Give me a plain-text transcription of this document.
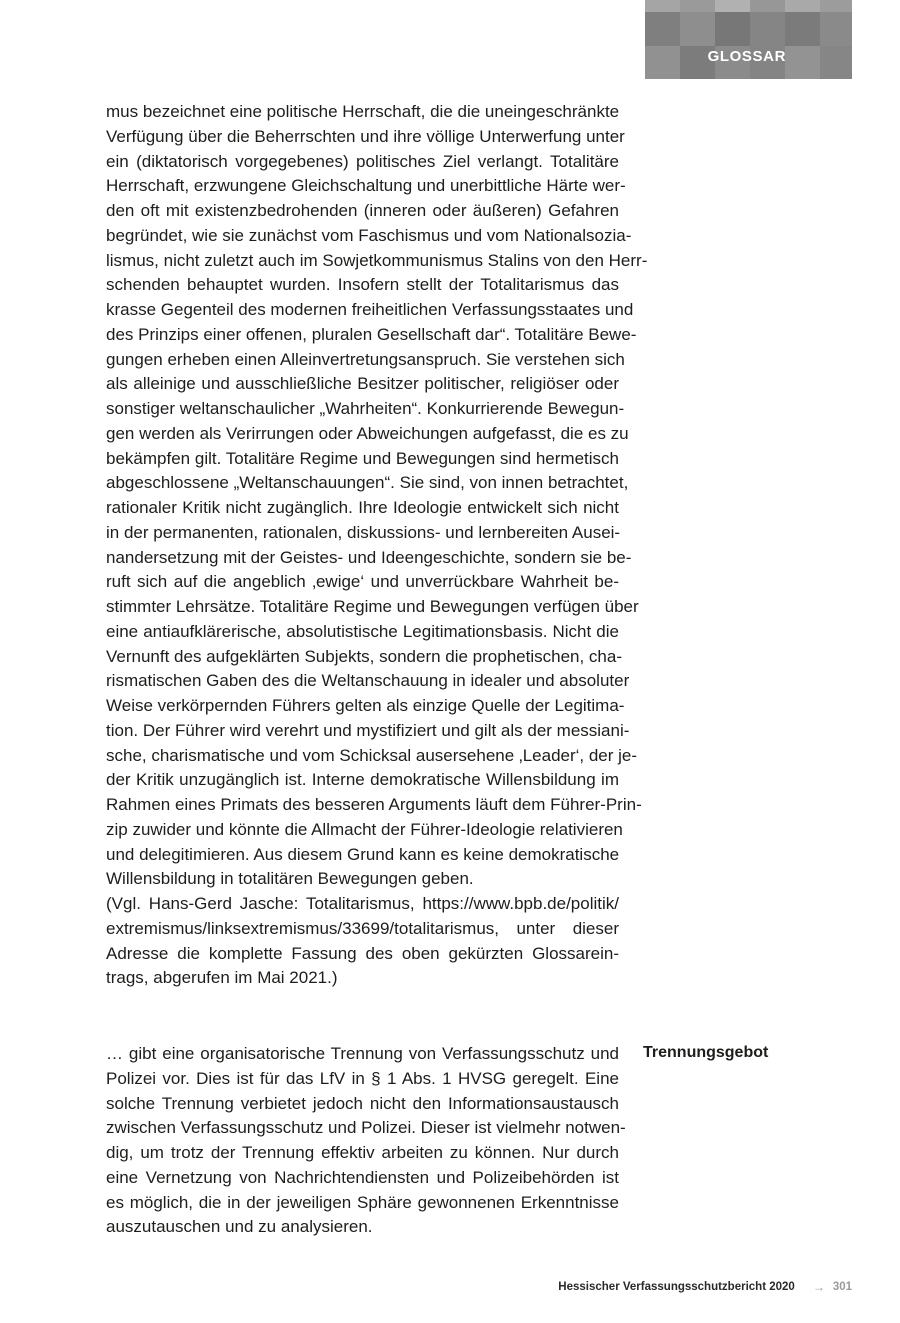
GLOSSAR
mus bezeichnet eine politische Herrschaft, die die uneingeschränkte
Verfügung über die Beherrschten und ihre völlige Unterwerfung unter
ein (diktatorisch vorgegebenes) politisches Ziel verlangt. Totalitäre
Herrschaft, erzwungene Gleichschaltung und unerbittliche Härte wer-
den oft mit existenzbedrohenden (inneren oder äußeren) Gefahren
begründet, wie sie zunächst vom Faschismus und vom Nationalsozia-
lismus, nicht zuletzt auch im Sowjetkommunismus Stalins von den Herr-
schenden behauptet wurden. Insofern stellt der Totalitarismus das
krasse Gegenteil des modernen freiheitlichen Verfassungsstaates und
des Prinzips einer offenen, pluralen Gesellschaft dar“. Totalitäre Bewe-
gungen erheben einen Alleinvertretungsanspruch. Sie verstehen sich
als alleinige und ausschließliche Besitzer politischer, religiöser oder
sonstiger weltanschaulicher „Wahrheiten“. Konkurrierende Bewegun-
gen werden als Verirrungen oder Abweichungen aufgefasst, die es zu
bekämpfen gilt. Totalitäre Regime und Bewegungen sind hermetisch
abgeschlossene „Weltanschauungen“. Sie sind, von innen betrachtet,
rationaler Kritik nicht zugänglich. Ihre Ideologie entwickelt sich nicht
in der permanenten, rationalen, diskussions- und lernbereiten Ausei-
nandersetzung mit der Geistes- und Ideengeschichte, sondern sie be-
ruft sich auf die angeblich ‚ewige‘ und unverrückbare Wahrheit be-
stimmter Lehrsätze. Totalitäre Regime und Bewegungen verfügen über
eine antiaufklärerische, absolutistische Legitimationsbasis. Nicht die
Vernunft des aufgeklärten Subjekts, sondern die prophetischen, cha-
rismatischen Gaben des die Weltanschauung in idealer und absoluter
Weise verkörpernden Führers gelten als einzige Quelle der Legitima-
tion. Der Führer wird verehrt und mystifiziert und gilt als der messiani-
sche, charismatische und vom Schicksal ausersehene ‚Leader‘, der je-
der Kritik unzugänglich ist. Interne demokratische Willensbildung im
Rahmen eines Primats des besseren Arguments läuft dem Führer-Prin-
zip zuwider und könnte die Allmacht der Führer-Ideologie relativieren
und delegitimieren. Aus diesem Grund kann es keine demokratische
Willensbildung in totalitären Bewegungen geben.
(Vgl. Hans-Gerd Jasche: Totalitarismus, https://www.bpb.de/politik/
extremismus/linksextremismus/33699/totalitarismus, unter dieser
Adresse die komplette Fassung des oben gekürzten Glossarein-
trags, abgerufen im Mai 2021.)
Trennungsgebot
… gibt eine organisatorische Trennung von Verfassungsschutz und
Polizei vor. Dies ist für das LfV in § 1 Abs. 1 HVSG geregelt. Eine
solche Trennung verbietet jedoch nicht den Informationsaustausch
zwischen Verfassungsschutz und Polizei. Dieser ist vielmehr notwen-
dig, um trotz der Trennung effektiv arbeiten zu können. Nur durch
eine Vernetzung von Nachrichtendiensten und Polizeibehörden ist
es möglich, die in der jeweiligen Sphäre gewonnenen Erkenntnisse
auszutauschen und zu analysieren.
Hessischer Verfassungsschutzbericht 2020 → 301
